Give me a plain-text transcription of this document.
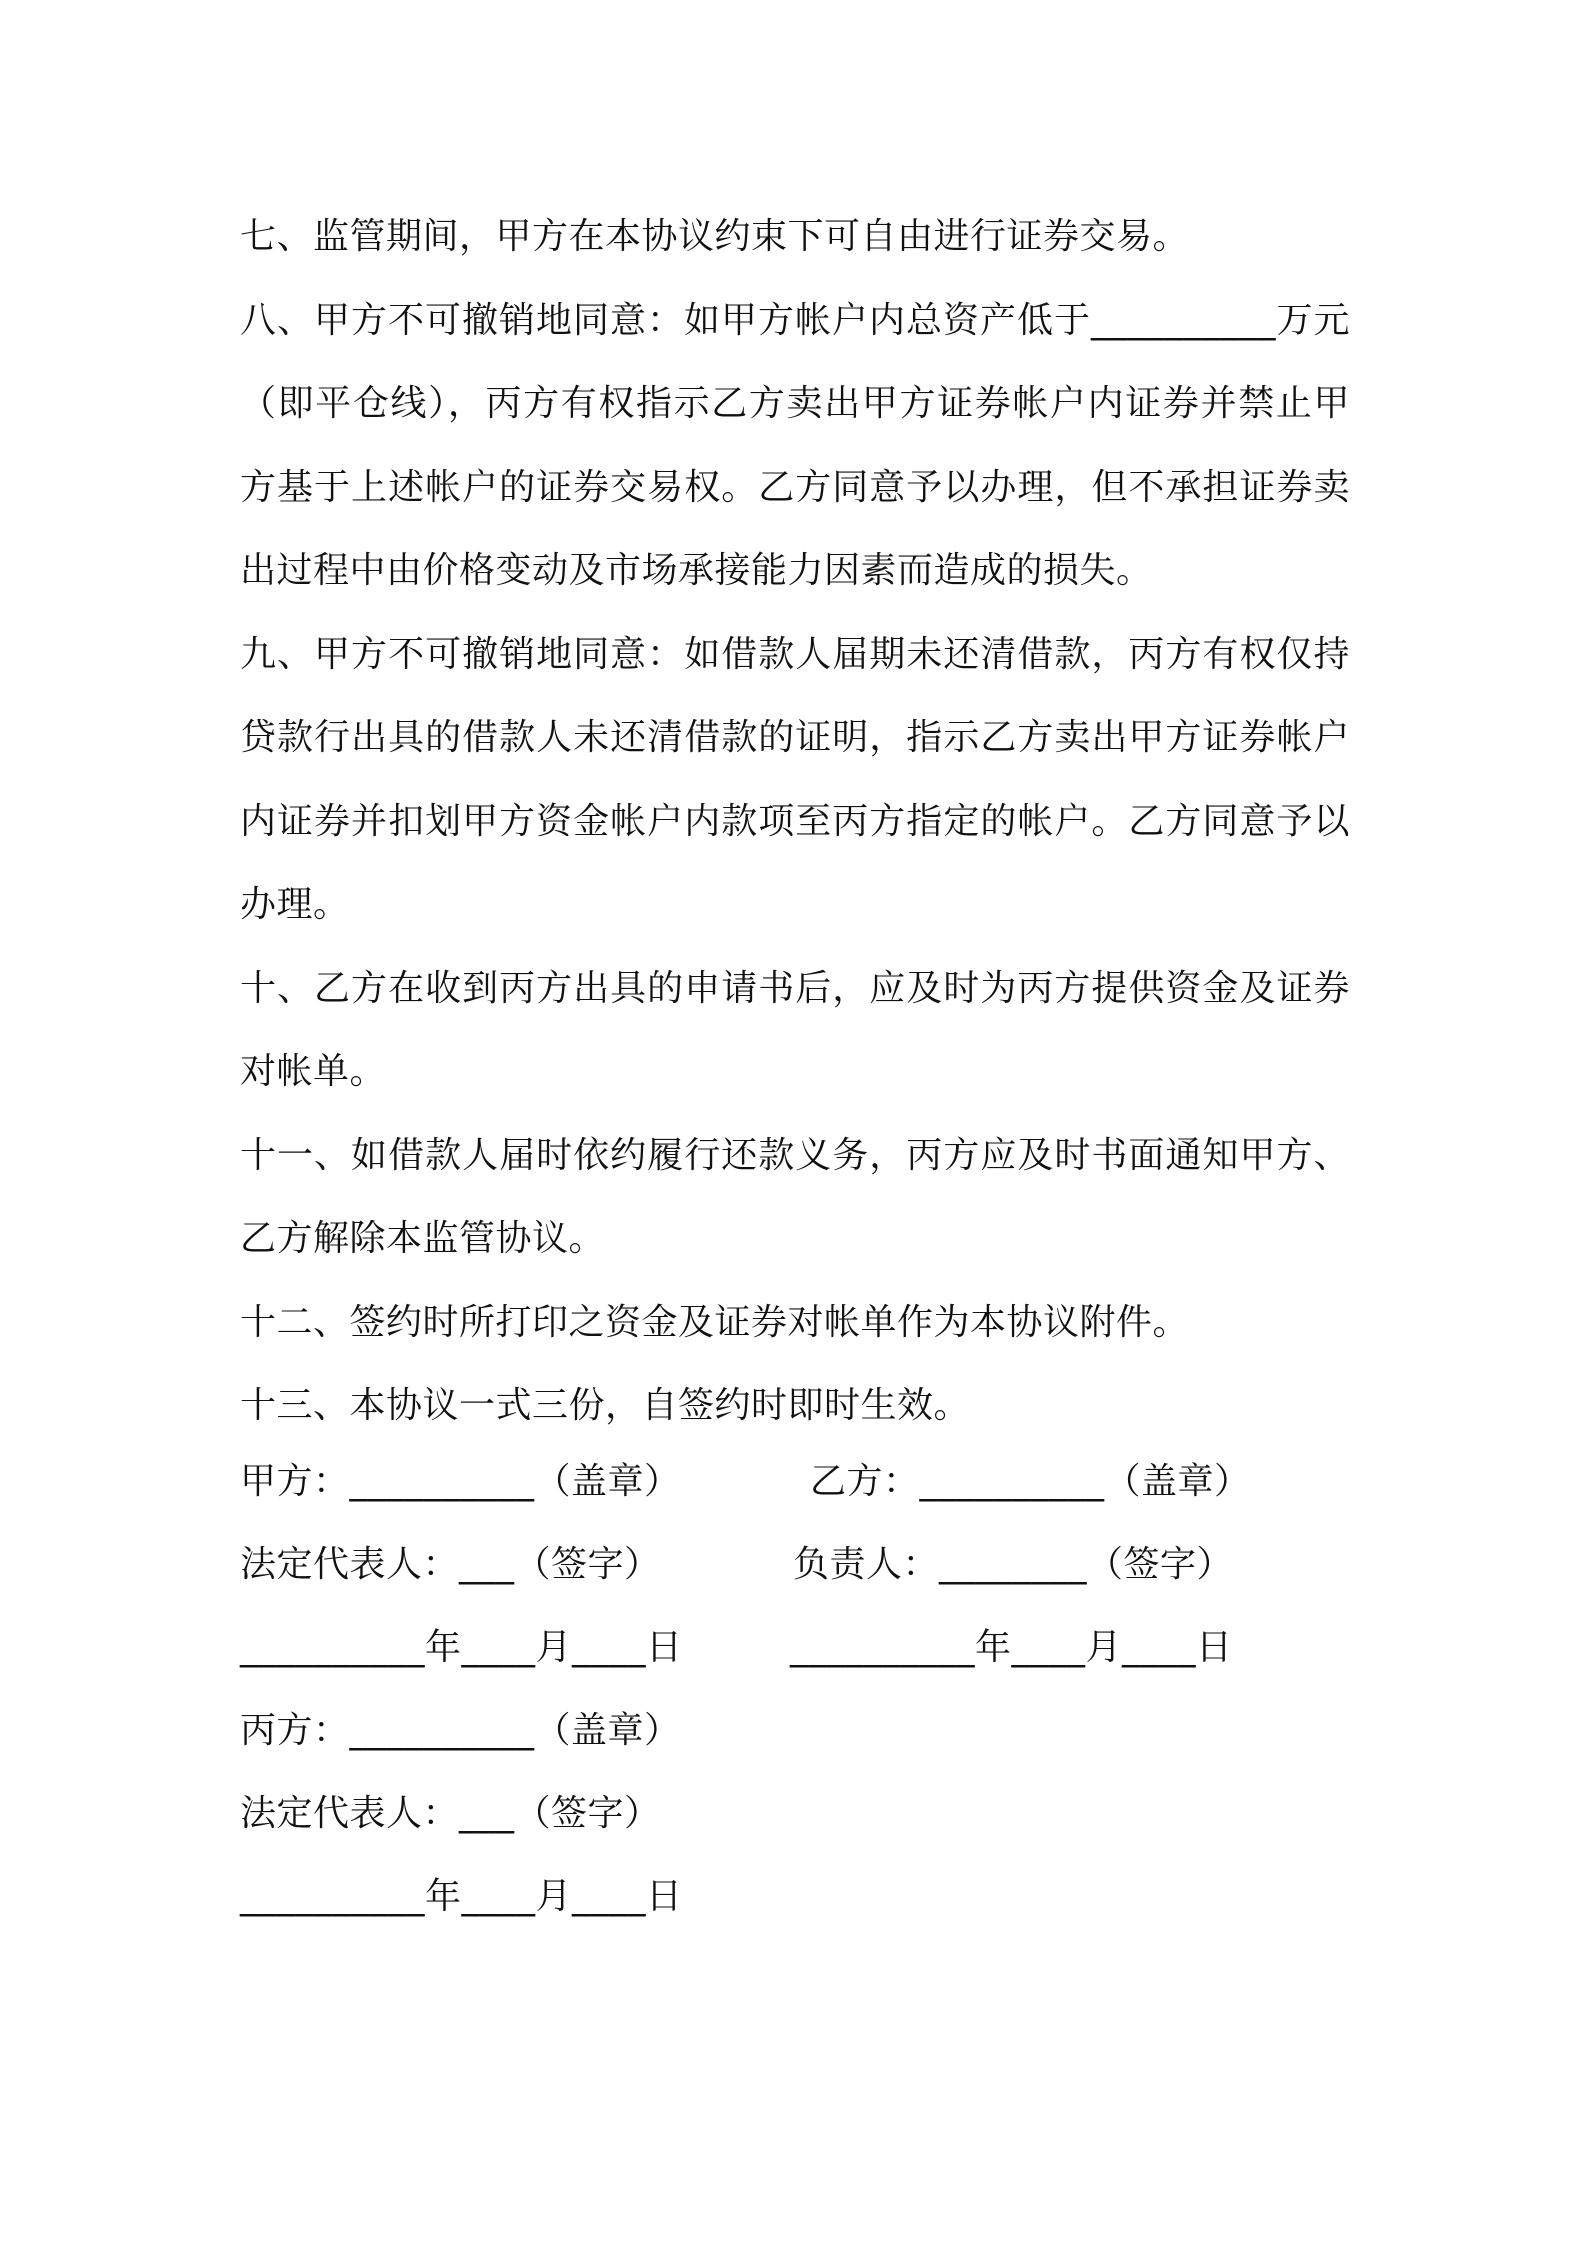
七、监管期间，甲方在本协议约束下可自由进行证券交易。

八、甲方不可撤销地同意：如甲方帐户内总资产低于__________万元（即平仓线），丙方有权指示乙方卖出甲方证券帐户内证券并禁止甲方基于上述帐户的证券交易权。乙方同意予以办理，但不承担证券卖出过程中由价格变动及市场承接能力因素而造成的损失。

九、甲方不可撤销地同意：如借款人届期未还清借款，丙方有权仅持贷款行出具的借款人未还清借款的证明，指示乙方卖出甲方证券帐户内证券并扣划甲方资金帐户内款项至丙方指定的帐户。乙方同意予以办理。

十、乙方在收到丙方出具的申请书后，应及时为丙方提供资金及证券对帐单。

十一、如借款人届时依约履行还款义务，丙方应及时书面通知甲方、乙方解除本监管协议。

十二、签约时所打印之资金及证券对帐单作为本协议附件。

十三、本协议一式三份，自签约时即时生效。

甲方：__________（盖章）	乙方：__________（盖章）
法定代表人：___（签字）	负责人：________（签字）
__________年____月____日	__________年____月____日
丙方：__________（盖章）
法定代表人：___（签字）
__________年____月____日
